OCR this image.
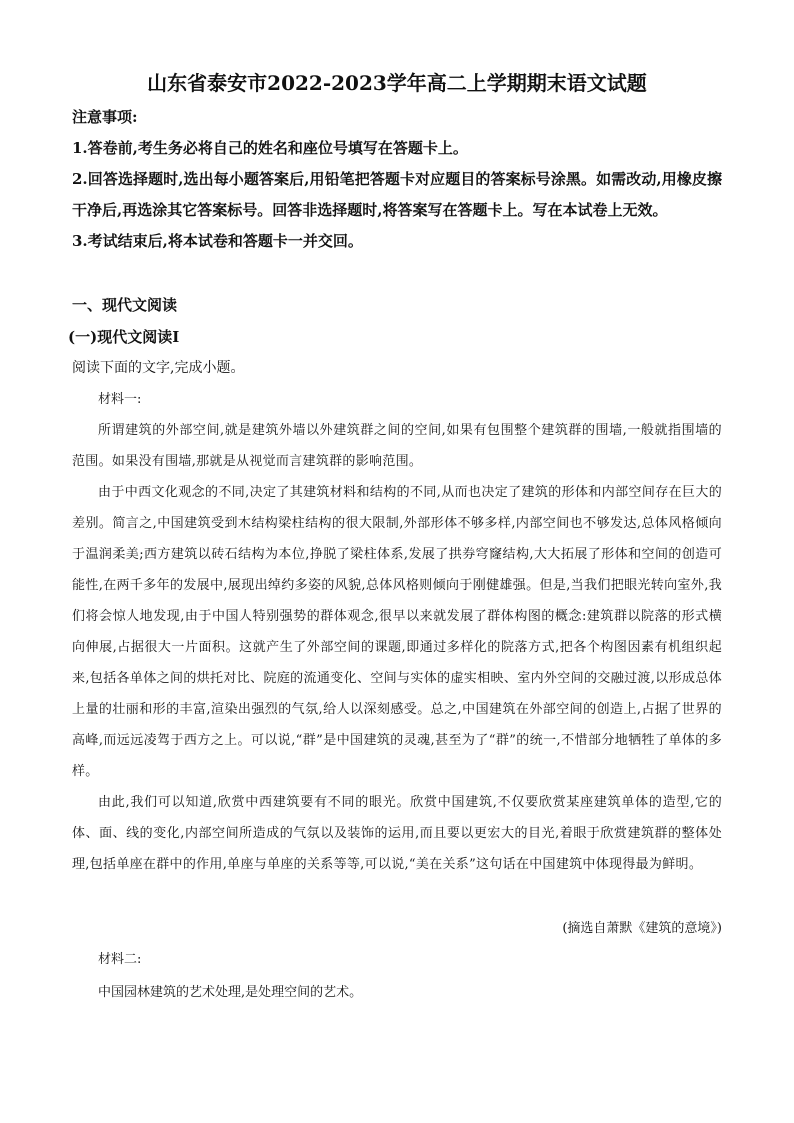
山东省泰安市2022-2023学年高二上学期期末语文试题
注意事项:

1.答卷前,考生务必将自己的姓名和座位号填写在答题卡上。

2.回答选择题时,选出每小题答案后,用铅笔把答题卡对应题目的答案标号涂黑。如需改动,用橡皮擦干净后,再选涂其它答案标号。回答非选择题时,将答案写在答题卡上。写在本试卷上无效。

3.考试结束后,将本试卷和答题卡一并交回。

一、现代文阅读
(一)现代文阅读Ⅰ
阅读下面的文字,完成小题。

材料一:

所谓建筑的外部空间,就是建筑外墙以外建筑群之间的空间,如果有包围整个建筑群的围墙,一般就指围墙的范围。如果没有围墙,那就是从视觉而言建筑群的影响范围。

由于中西文化观念的不同,决定了其建筑材料和结构的不同,从而也决定了建筑的形体和内部空间存在巨大的差别。简言之,中国建筑受到木结构梁柱结构的很大限制,外部形体不够多样,内部空间也不够发达,总体风格倾向于温润柔美;西方建筑以砖石结构为本位,挣脱了梁柱体系,发展了拱券穹窿结构,大大拓展了形体和空间的创造可能性,在两千多年的发展中,展现出绰约多姿的风貌,总体风格则倾向于刚健雄强。但是,当我们把眼光转向室外,我们将会惊人地发现,由于中国人特别强势的群体观念,很早以来就发展了群体构图的概念:建筑群以院落的形式横向伸展,占据很大一片面积。这就产生了外部空间的课题,即通过多样化的院落方式,把各个构图因素有机组织起来,包括各单体之间的烘托对比、院庭的流通变化、空间与实体的虚实相映、室内外空间的交融过渡,以形成总体上量的壮丽和形的丰富,渲染出强烈的气氛,给人以深刻感受。总之,中国建筑在外部空间的创造上,占据了世界的高峰,而远远凌驾于西方之上。可以说,“群”是中国建筑的灵魂,甚至为了“群”的统一,不惜部分地牺牲了单体的多样。

由此,我们可以知道,欣赏中西建筑要有不同的眼光。欣赏中国建筑,不仅要欣赏某座建筑单体的造型,它的体、面、线的变化,内部空间所造成的气氛以及装饰的运用,而且要以更宏大的目光,着眼于欣赏建筑群的整体处理,包括单座在群中的作用,单座与单座的关系等等,可以说,“美在关系”这句话在中国建筑中体现得最为鲜明。

(摘选自萧默《建筑的意境》)

材料二:

中国园林建筑的艺术处理,是处理空间的艺术。
